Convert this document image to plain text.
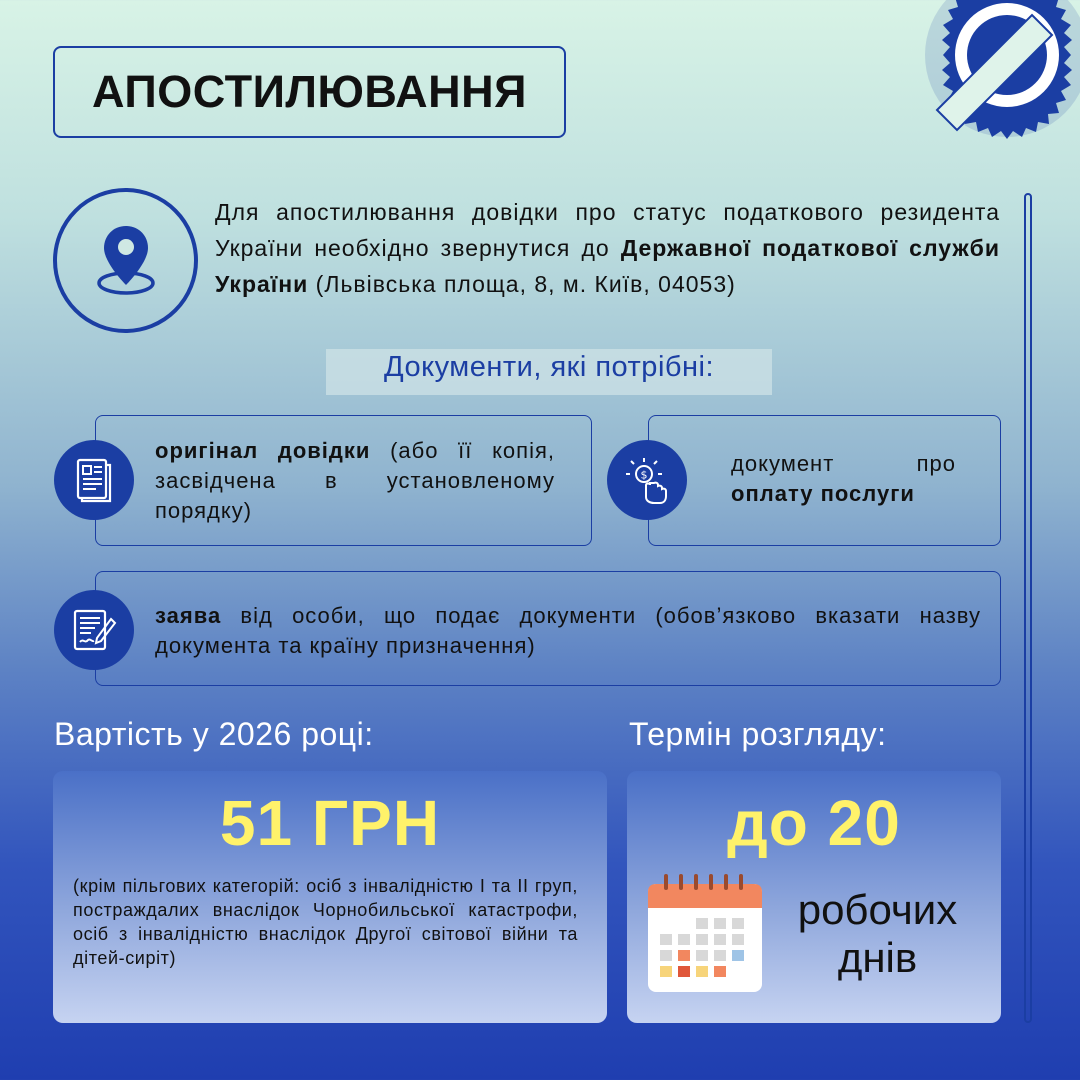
АПОСТИЛЮВАННЯ

Для апостилювання довідки про статус податкового резидента України необхідно звернутися до Державної податкової служби України (Львівська площа, 8, м. Київ, 04053)

Документи, які потрібні:

оригінал довідки (або її копія, засвідчена в установленому порядку)

$	документ про оплату послуги

заява від особи, що подає документи (обов’язково вказати назву документа та країну призначення)

Вартість у 2026 році:
51 ГРН

(крім пільгових категорій: осіб з інвалідністю І та ІІ груп, постраждалих внаслідок Чорнобильської катастрофи, осіб з інвалідністю внаслідок Другої світової війни та дітей-сиріт)

Термін розгляду:
до 20
робочих
днів
